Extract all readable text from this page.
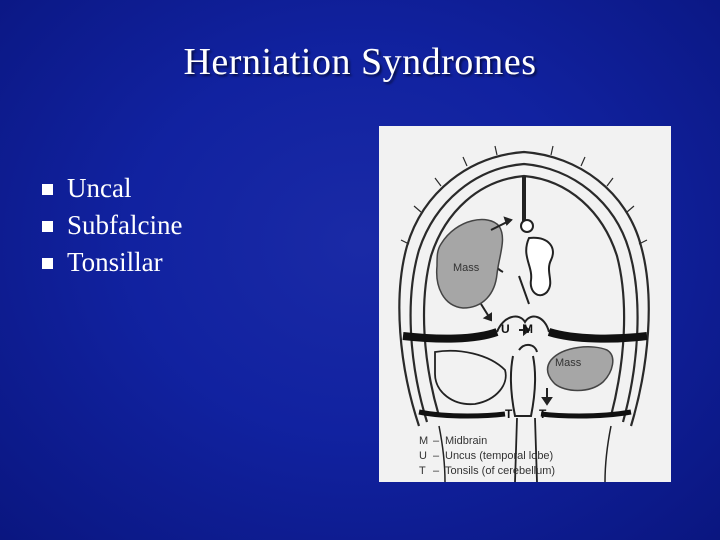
Herniation Syndromes
Uncal
Subfalcine
Tonsillar	Mass
U M
Mass
T T
M – Midbrain
U – Uncus (temporal lobe)
T – Tonsils (of cerebellum)
